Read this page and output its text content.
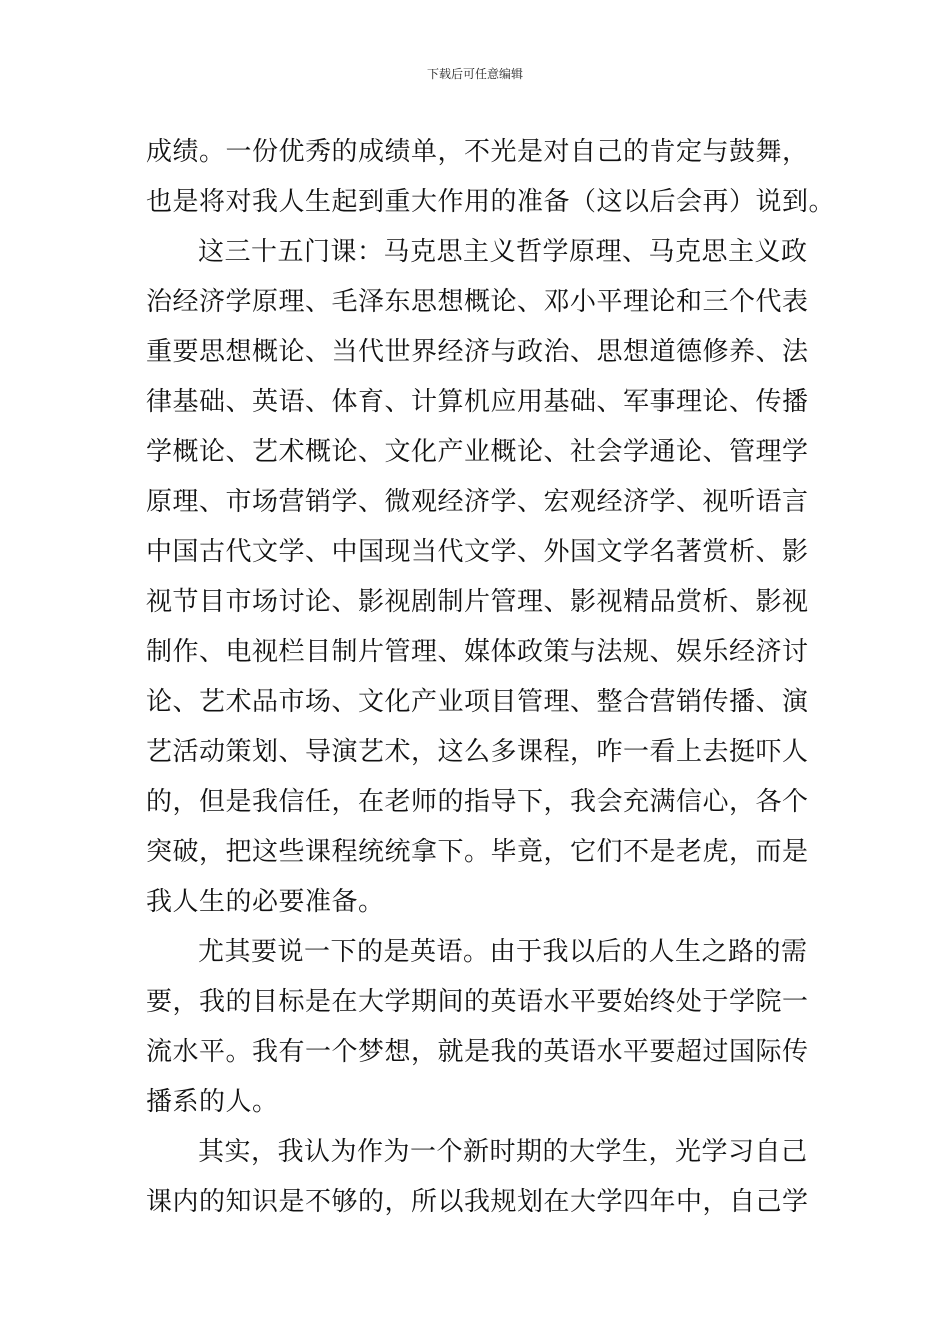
下载后可任意编辑
成绩。一份优秀的成绩单，不光是对自己的肯定与鼓舞，
也是将对我人生起到重大作用的准备（这以后会再）说到。
这三十五门课：马克思主义哲学原理、马克思主义政
治经济学原理、毛泽东思想概论、邓小平理论和三个代表
重要思想概论、当代世界经济与政治、思想道德修养、法
律基础、英语、体育、计算机应用基础、军事理论、传播
学概论、艺术概论、文化产业概论、社会学通论、管理学
原理、市场营销学、微观经济学、宏观经济学、视听语言
中国古代文学、中国现当代文学、外国文学名著赏析、影
视节目市场讨论、影视剧制片管理、影视精品赏析、影视
制作、电视栏目制片管理、媒体政策与法规、娱乐经济讨
论、艺术品市场、文化产业项目管理、整合营销传播、演
艺活动策划、导演艺术，这么多课程，咋一看上去挺吓人
的，但是我信任，在老师的指导下，我会充满信心，各个
突破，把这些课程统统拿下。毕竟，它们不是老虎，而是
我人生的必要准备。
尤其要说一下的是英语。由于我以后的人生之路的需
要，我的目标是在大学期间的英语水平要始终处于学院一
流水平。我有一个梦想，就是我的英语水平要超过国际传
播系的人。
其实，我认为作为一个新时期的大学生，光学习自己
课内的知识是不够的，所以我规划在大学四年中，自己学
